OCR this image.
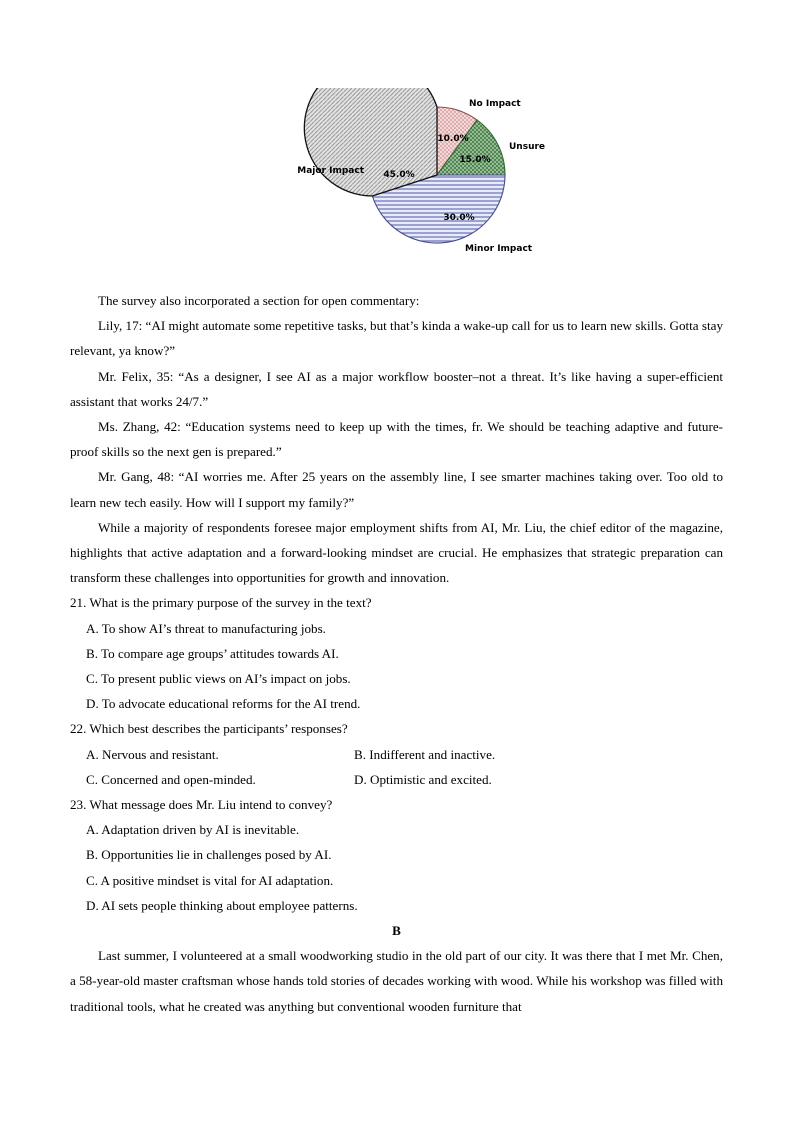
10.0%
15.0%
30.0%
45.0%
No Impact
Unsure
Minor Impact
Major Impact

The survey also incorporated a section for open commentary:

Lily, 17: “AI might automate some repetitive tasks, but that’s kinda a wake-up call for us to learn new skills. Gotta stay relevant, ya know?”

Mr. Felix, 35: “As a designer, I see AI as a major workflow booster–not a threat. It’s like having a super-efficient assistant that works 24/7.”

Ms. Zhang, 42: “Education systems need to keep up with the times, fr. We should be teaching adaptive and future-proof skills so the next gen is prepared.”

Mr. Gang, 48: “AI worries me. After 25 years on the assembly line, I see smarter machines taking over. Too old to learn new tech easily. How will I support my family?”

While a majority of respondents foresee major employment shifts from AI, Mr. Liu, the chief editor of the magazine, highlights that active adaptation and a forward-looking mindset are crucial. He emphasizes that strategic preparation can transform these challenges into opportunities for growth and innovation.

21. What is the primary purpose of the survey in the text?

A. To show AI’s threat to manufacturing jobs.

B. To compare age groups’ attitudes towards AI.

C. To present public views on AI’s impact on jobs.

D. To advocate educational reforms for the AI trend.

22. Which best describes the participants’ responses?

A. Nervous and resistant.	B. Indifferent and inactive.
C. Concerned and open-minded.	D. Optimistic and excited.

23. What message does Mr. Liu intend to convey?

A. Adaptation driven by AI is inevitable.

B. Opportunities lie in challenges posed by AI.

C. A positive mindset is vital for AI adaptation.

D. AI sets people thinking about employee patterns.

B

Last summer, I volunteered at a small woodworking studio in the old part of our city. It was there that I met Mr. Chen, a 58-year-old master craftsman whose hands told stories of decades working with wood. While his workshop was filled with traditional tools, what he created was anything but conventional wooden furniture that
